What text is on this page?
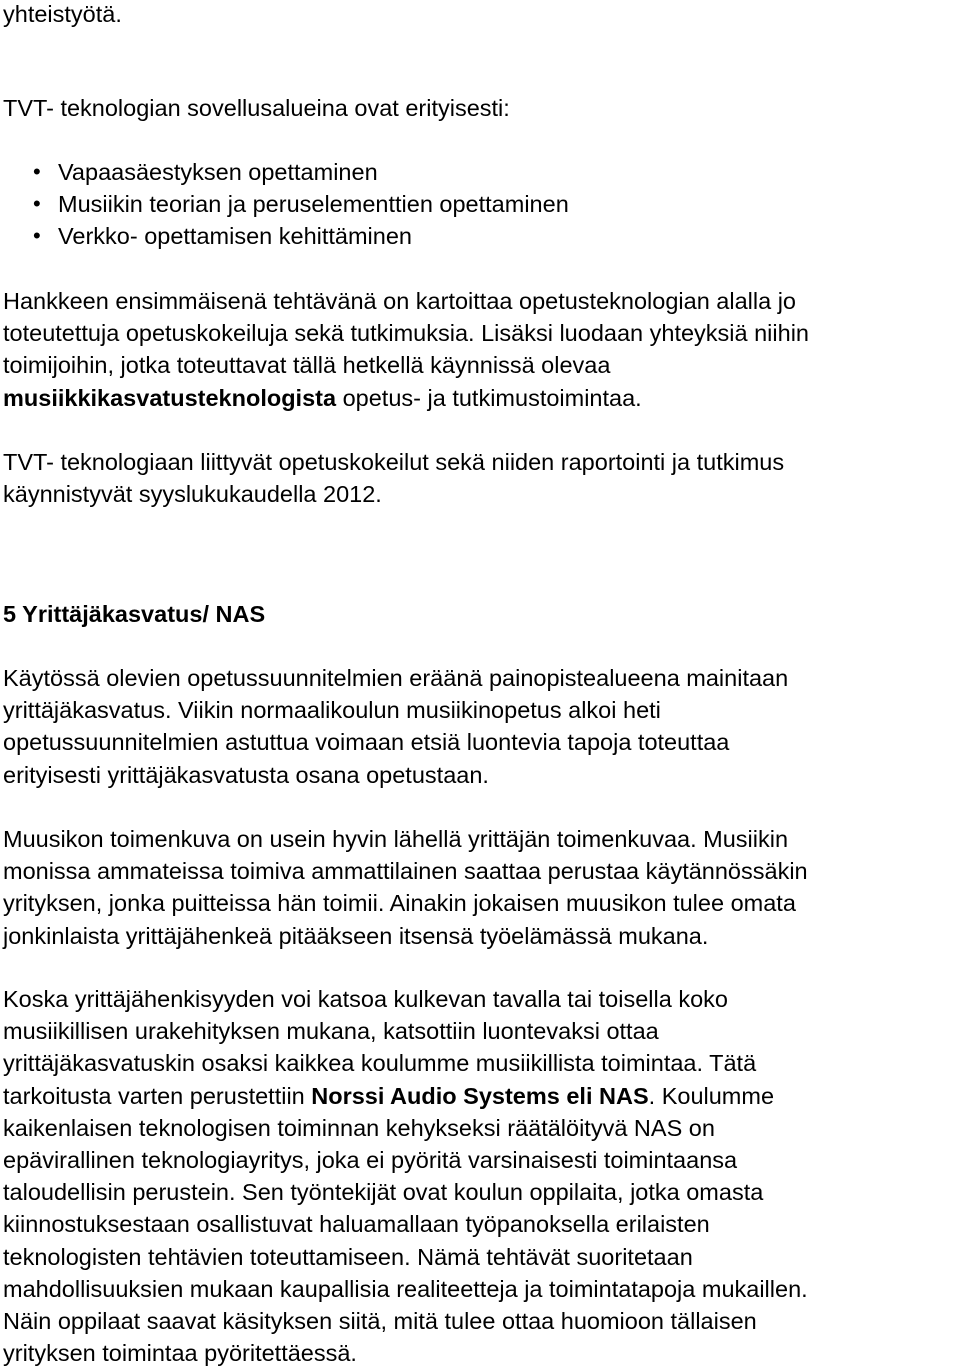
yhteistyötä.

TVT- teknologian sovellusalueina ovat erityisesti:

• Vapaasäestyksen opettaminen
• Musiikin teorian ja peruselementtien opettaminen
• Verkko- opettamisen kehittäminen

Hankkeen ensimmäisenä tehtävänä on kartoittaa opetusteknologian alalla jo
toteutettuja opetuskokeiluja sekä tutkimuksia. Lisäksi luodaan yhteyksiä niihin
toimijoihin, jotka toteuttavat tällä hetkellä käynnissä olevaa
musiikkikasvatusteknologista opetus- ja tutkimustoimintaa.

TVT- teknologiaan liittyvät opetuskokeilut sekä niiden raportointi ja tutkimus
käynnistyvät syyslukukaudella 2012.

5 Yrittäjäkasvatus/ NAS

Käytössä olevien opetussuunnitelmien eräänä painopistealueena mainitaan
yrittäjäkasvatus. Viikin normaalikoulun musiikinopetus alkoi heti
opetussuunnitelmien astuttua voimaan etsiä luontevia tapoja toteuttaa
erityisesti yrittäjäkasvatusta osana opetustaan.

Muusikon toimenkuva on usein hyvin lähellä yrittäjän toimenkuvaa. Musiikin
monissa ammateissa toimiva ammattilainen saattaa perustaa käytännössäkin
yrityksen, jonka puitteissa hän toimii. Ainakin jokaisen muusikon tulee omata
jonkinlaista yrittäjähenkeä pitääkseen itsensä työelämässä mukana.

Koska yrittäjähenkisyyden voi katsoa kulkevan tavalla tai toisella koko
musiikillisen urakehityksen mukana, katsottiin luontevaksi ottaa
yrittäjäkasvatuskin osaksi kaikkea koulumme musiikillista toimintaa. Tätä
tarkoitusta varten perustettiin Norssi Audio Systems eli NAS. Koulumme
kaikenlaisen teknologisen toiminnan kehykseksi räätälöityvä NAS on
epävirallinen teknologiayritys, joka ei pyöritä varsinaisesti toimintaansa
taloudellisin perustein. Sen työntekijät ovat koulun oppilaita, jotka omasta
kiinnostuksestaan osallistuvat haluamallaan työpanoksella erilaisten
teknologisten tehtävien toteuttamiseen. Nämä tehtävät suoritetaan
mahdollisuuksien mukaan kaupallisia realiteetteja ja toimintatapoja mukaillen.
Näin oppilaat saavat käsityksen siitä, mitä tulee ottaa huomioon tällaisen
yrityksen toimintaa pyöritettäessä.
